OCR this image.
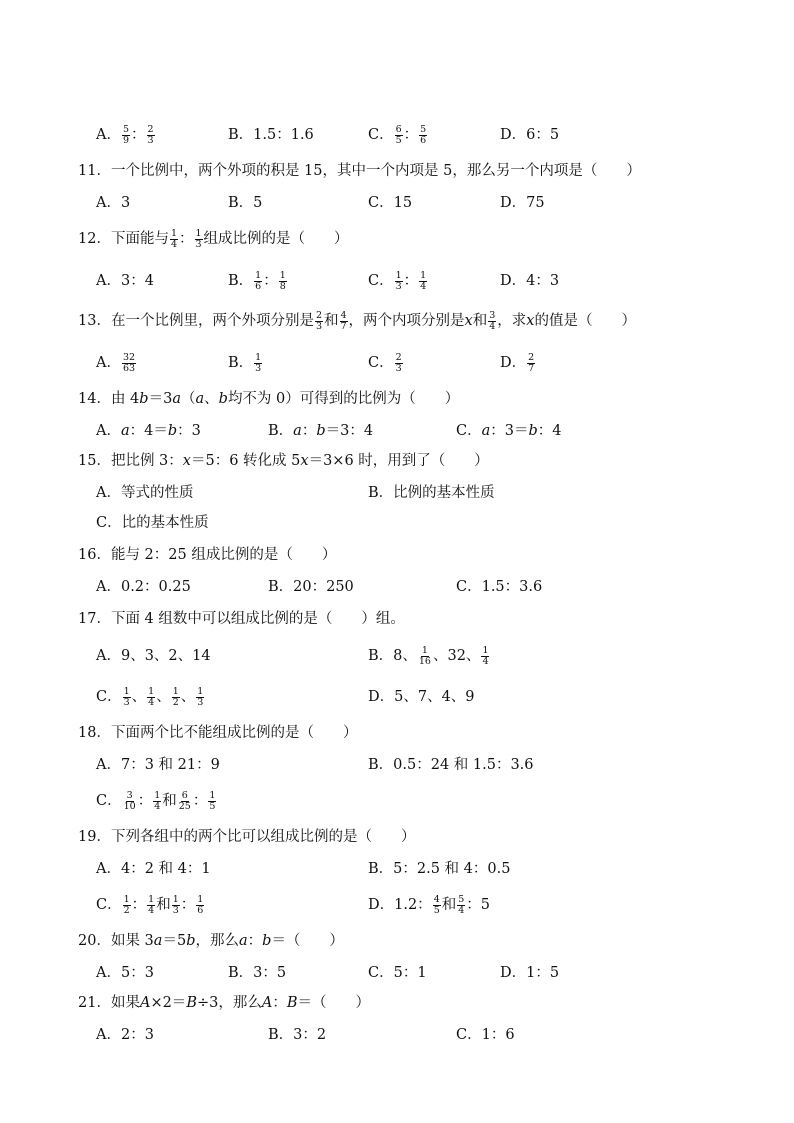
A． $\frac{5}{9}$ ： $\frac{2}{3}$	B．1.5：1.6	C． $\frac{6}{5}$ ： $\frac{5}{6}$	D．6：5
11．一个比例中，两个外项的积是 15，其中一个内项是 5，那么另一个内项是（　　）
A．3	B．5	C．15	D．75
12．下面能与 $\frac{1}{4}$ ： $\frac{1}{3}$ 组成比例的是（　　）
A．3：4	B． $\frac{1}{6}$ ： $\frac{1}{8}$	C． $\frac{1}{3}$ ： $\frac{1}{4}$	D．4：3
13．在一个比例里，两个外项分别是 $\frac{2}{3}$ 和 $\frac{4}{7}$ ，两个内项分别是 x 和 $\frac{3}{4}$ ，求 x 的值是（　　）
A． $\frac{32}{63}$	B． $\frac{1}{3}$	C． $\frac{2}{3}$	D． $\frac{2}{7}$
14．由 4 b ＝3 a （ a 、 b 均不为 0）可得到的比例为（　　）
A． a ：4＝ b ：3	B． a ： b ＝3：4	C． a ：3＝ b ：4
15．把比例 3： x ＝5：6 转化成 5 x ＝3×6 时，用到了（　　）
A．等式的性质	B．比例的基本性质
C．比的基本性质
16．能与 2：25 组成比例的是（　　）
A．0.2：0.25	B．20：250	C．1.5：3.6
17．下面 4 组数中可以组成比例的是（　　）组。
A．9、3、2、14	B．8、 $\frac{1}{16}$ 、32、 $\frac{1}{4}$
C． $\frac{1}{3}$ 、 $\frac{1}{4}$ 、 $\frac{1}{2}$ 、 $\frac{1}{3}$	D．5、7、4、9
18．下面两个比不能组成比例的是（　　）
A．7：3 和 21：9	B．0.5：24 和 1.5：3.6
C． $\frac{3}{10}$ ： $\frac{1}{4}$ 和 $\frac{6}{25}$ ： $\frac{1}{5}$
19．下列各组中的两个比可以组成比例的是（　　）
A．4：2 和 4：1	B．5：2.5 和 4：0.5
C． $\frac{1}{2}$ ： $\frac{1}{4}$ 和 $\frac{1}{3}$ ： $\frac{1}{6}$	D．1.2： $\frac{4}{5}$ 和 $\frac{5}{4}$ ：5
20．如果 3 a ＝5 b ，那么 a ： b ＝（　　）
A．5：3	B．3：5	C．5：1	D．1：5
21．如果 A ×2＝ B ÷3，那么 A ： B ＝（　　）
A．2：3	B．3：2	C．1：6
